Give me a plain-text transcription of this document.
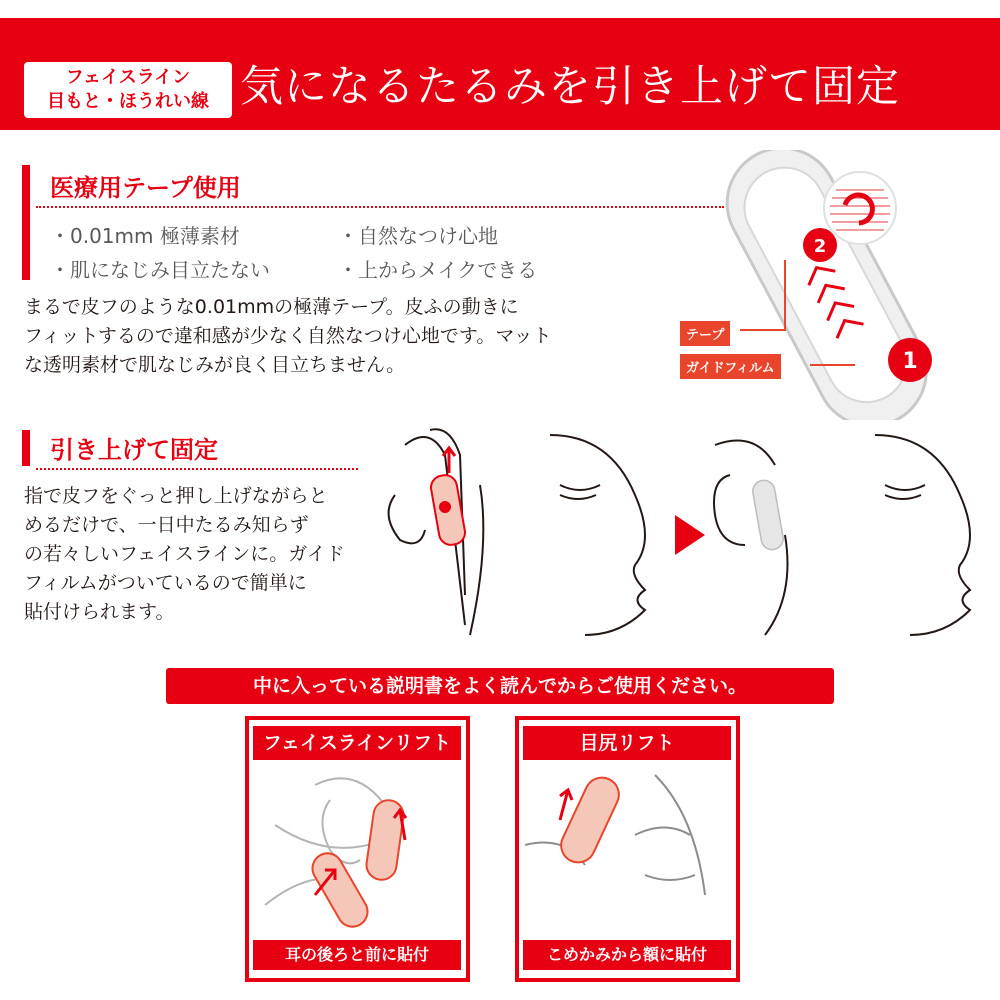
フェイスライン
目もと・ほうれい線 気になるたるみを引き上げて固定
医療用テープ使用
・0.01mm 極薄素材	・自然なつけ心地
・肌になじみ目立たない	・上からメイクできる
まるで皮フのような0.01mmの極薄テープ。皮ふの動きに
フィットするので違和感が少なく自然なつけ心地です。マット
な透明素材で肌なじみが良く目立ちません。
2
1
テープ
ガイドフィルム
引き上げて固定
指で皮フをぐっと押し上げながらと
めるだけで、一日中たるみ知らず
の若々しいフェイスラインに。ガイド
フィルムがついているので簡単に
貼付けられます。
中に入っている説明書をよく読んでからご使用ください。
フェイスラインリフト
耳の後ろと前に貼付
目尻リフト
こめかみから額に貼付
